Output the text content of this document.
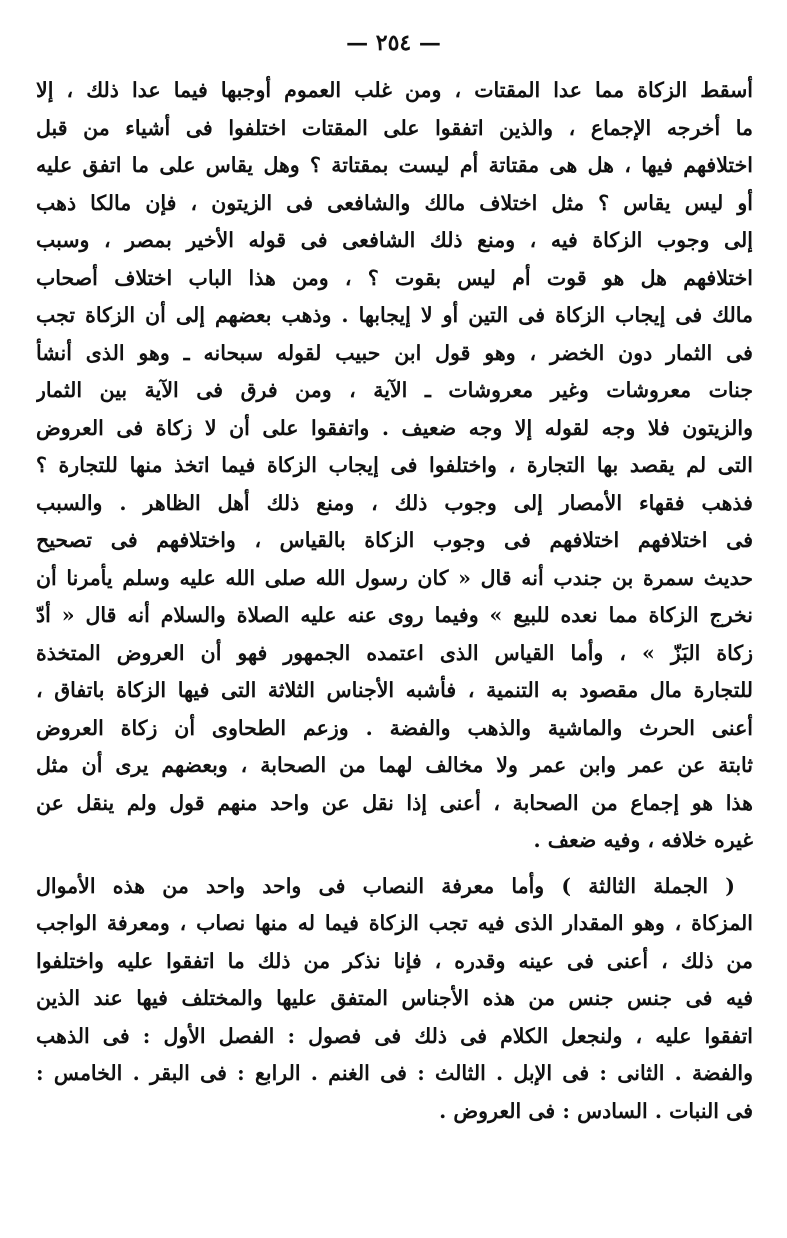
— ٢٥٤ —
أسقط الزكاة مما عدا المقتات ، ومن غلب العموم أوجبها فيما عدا ذلك ، إلا
ما أخرجه الإجماع ، والذين اتفقوا على المقتات اختلفوا فى أشياء من قبل
اختلافهم فيها ، هل هى مقتاتة أم ليست بمقتاتة ؟ وهل يقاس على ما اتفق عليه
أو ليس يقاس ؟ مثل اختلاف مالك والشافعى فى الزيتون ، فإن مالكا ذهب
إلى وجوب الزكاة فيه ، ومنع ذلك الشافعى فى قوله الأخير بمصر ، وسبب
اختلافهم هل هو قوت أم ليس بقوت ؟ ، ومن هذا الباب اختلاف أصحاب
مالك فى إيجاب الزكاة فى التين أو لا إيجابها . وذهب بعضهم إلى أن الزكاة تجب
فى الثمار دون الخضر ، وهو قول ابن حبيب لقوله سبحانه ـ وهو الذى أنشأ
جنات معروشات وغير معروشات ـ الآية ، ومن فرق فى الآية بين الثمار
والزيتون فلا وجه لقوله إلا وجه ضعيف . واتفقوا على أن لا زكاة فى العروض
التى لم يقصد بها التجارة ، واختلفوا فى إيجاب الزكاة فيما اتخذ منها للتجارة ؟
فذهب فقهاء الأمصار إلى وجوب ذلك ، ومنع ذلك أهل الظاهر . والسبب
فى اختلافهم اختلافهم فى وجوب الزكاة بالقياس ، واختلافهم فى تصحيح
حديث سمرة بن جندب أنه قال « كان رسول الله صلى الله عليه وسلم يأمرنا أن
نخرج الزكاة مما نعده للبيع » وفيما روى عنه عليه الصلاة والسلام أنه قال « أدّ
زكاة البَزّ » ، وأما القياس الذى اعتمده الجمهور فهو أن العروض المتخذة
للتجارة مال مقصود به التنمية ، فأشبه الأجناس الثلاثة التى فيها الزكاة باتفاق ،
أعنى الحرث والماشية والذهب والفضة . وزعم الطحاوى أن زكاة العروض
ثابتة عن عمر وابن عمر ولا مخالف لهما من الصحابة ، وبعضهم يرى أن مثل
هذا هو إجماع من الصحابة ، أعنى إذا نقل عن واحد منهم قول ولم ينقل عن
غيره خلافه ، وفيه ضعف .
( الجملة الثالثة ) وأما معرفة النصاب فى واحد واحد من هذه الأموال
المزكاة ، وهو المقدار الذى فيه تجب الزكاة فيما له منها نصاب ، ومعرفة الواجب
من ذلك ، أعنى فى عينه وقدره ، فإنا نذكر من ذلك ما اتفقوا عليه واختلفوا
فيه فى جنس جنس من هذه الأجناس المتفق عليها والمختلف فيها عند الذين
اتفقوا عليه ، ولنجعل الكلام فى ذلك فى فصول : الفصل الأول : فى الذهب
والفضة . الثانى : فى الإبل . الثالث : فى الغنم . الرابع : فى البقر . الخامس :
فى النبات . السادس : فى العروض .
